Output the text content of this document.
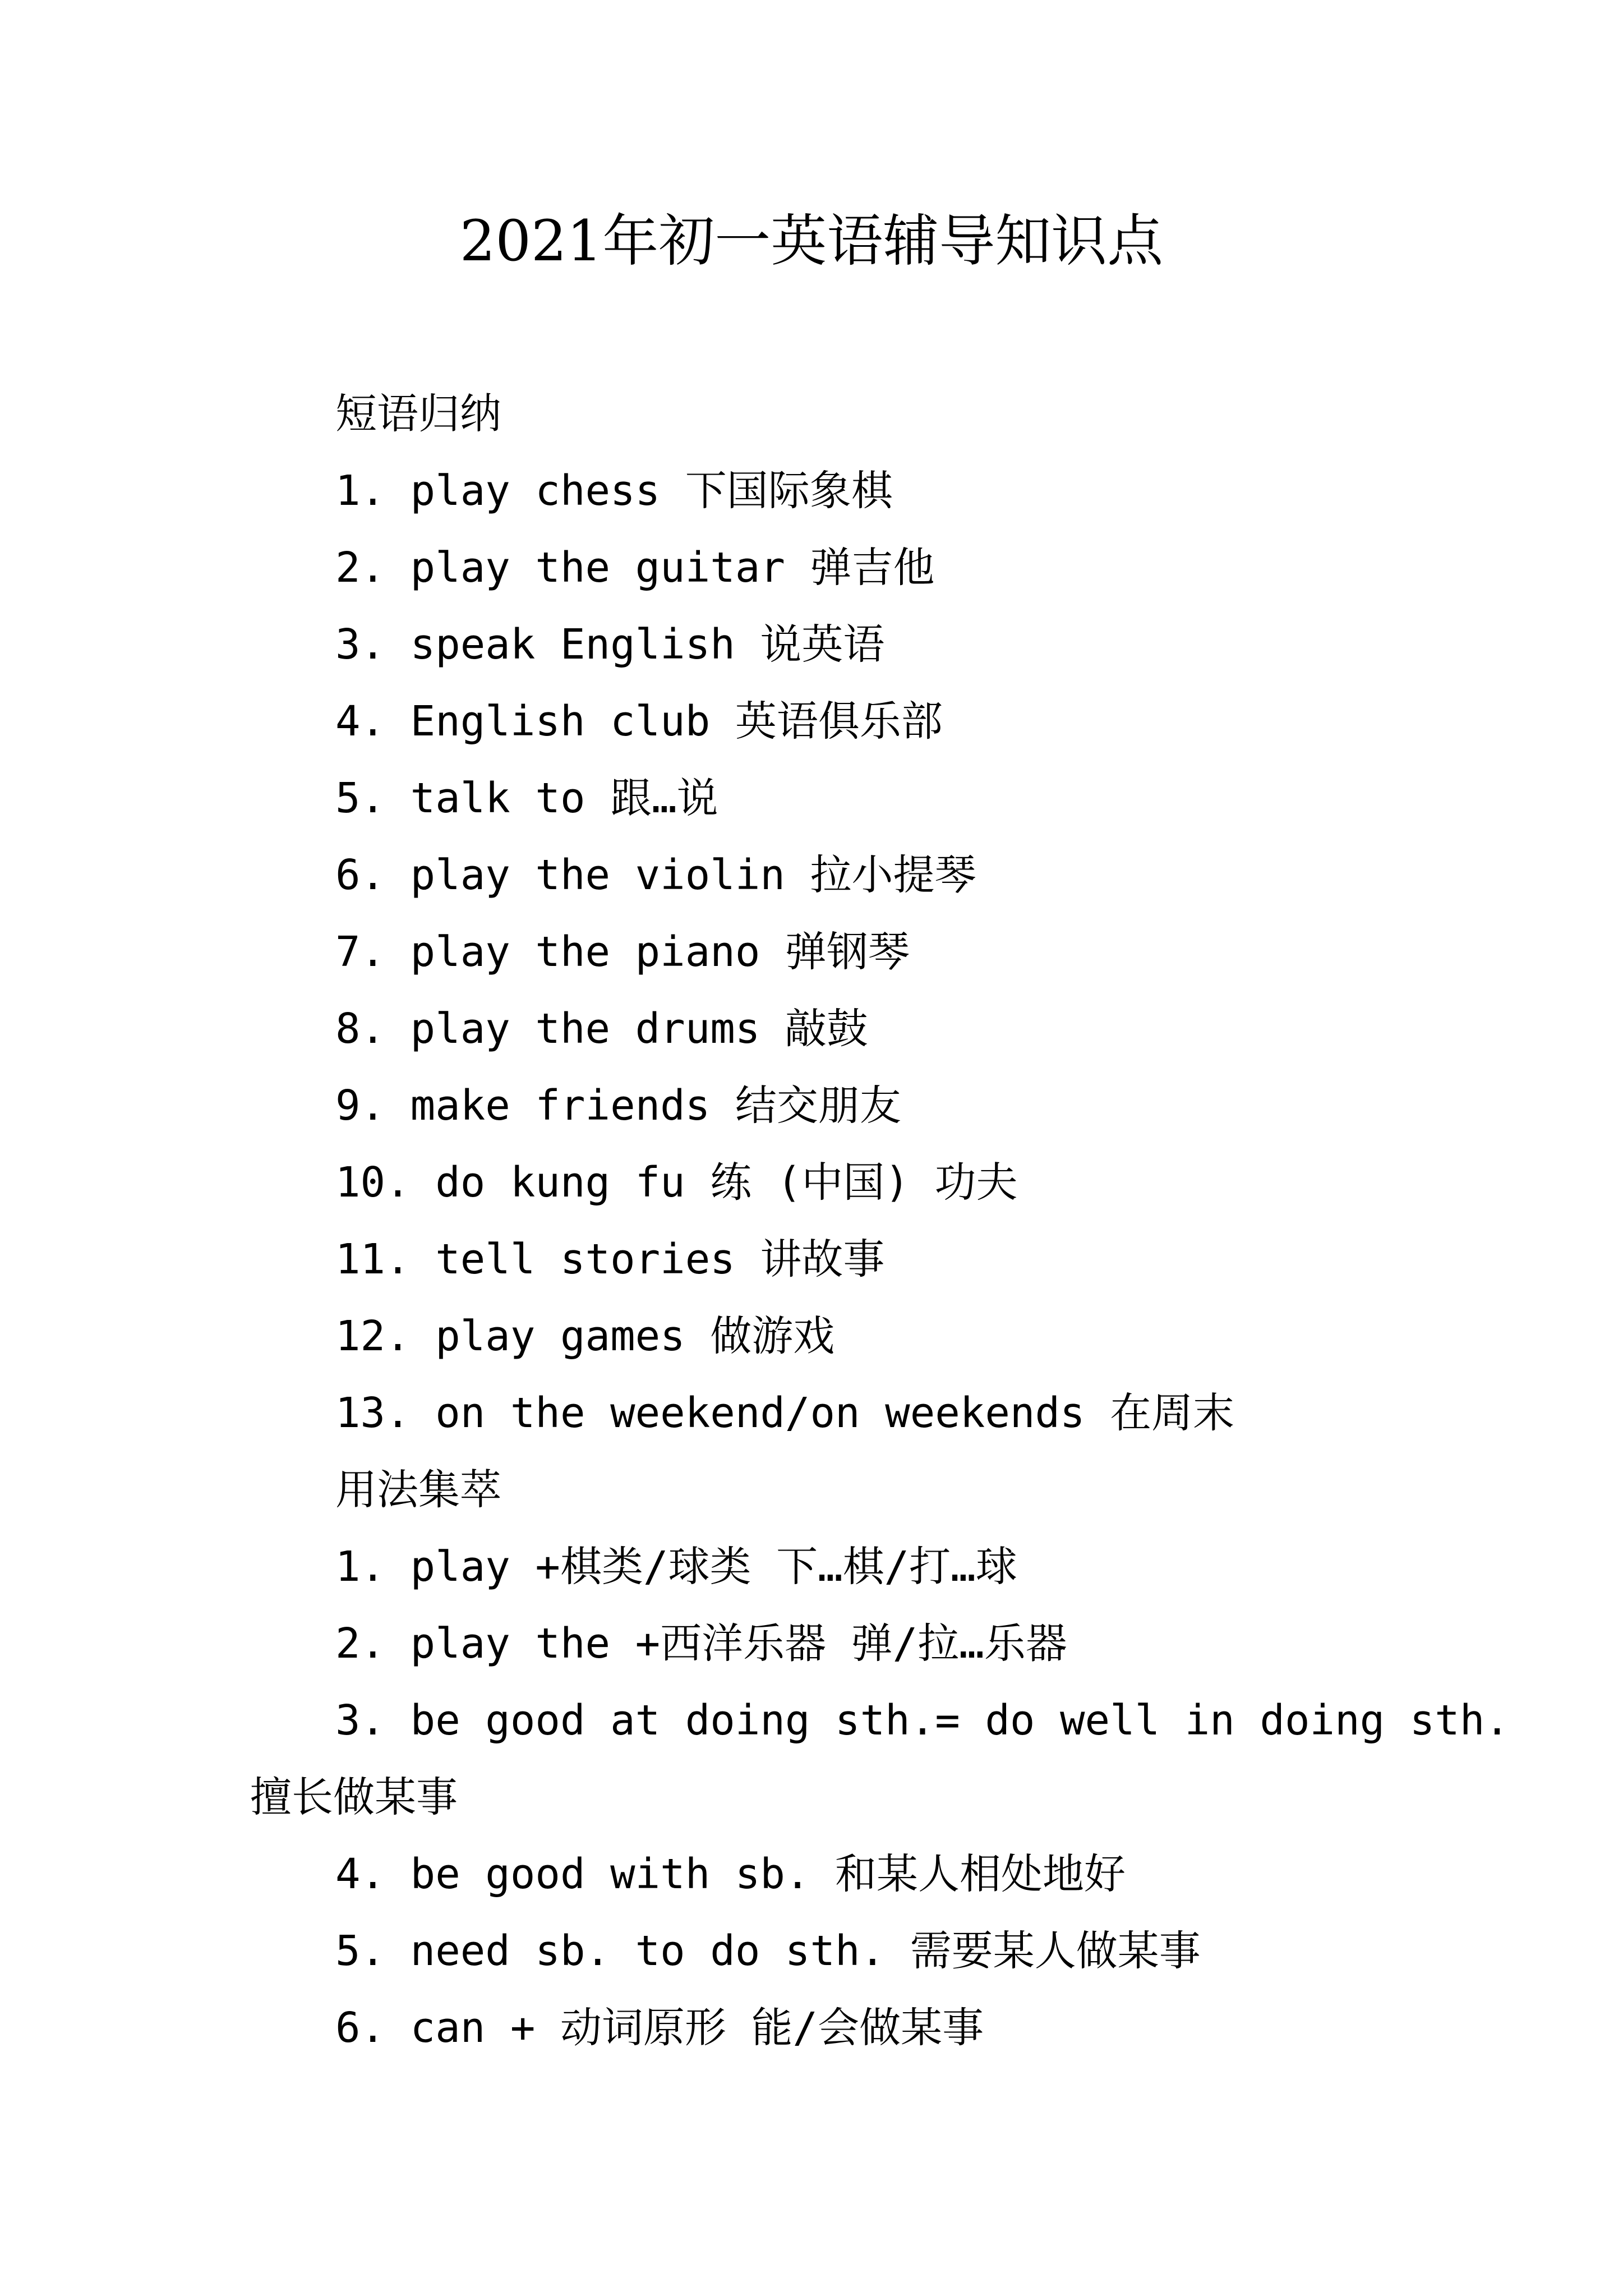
2021年初一英语辅导知识点
短语归纳
1. play chess 下国际象棋
2. play the guitar 弹吉他
3. speak English 说英语
4. English club 英语俱乐部
5. talk to 跟…说
6. play the violin 拉小提琴
7. play the piano 弹钢琴
8. play the drums 敲鼓
9. make friends 结交朋友
10. do kung fu 练 (中国) 功夫
11. tell stories 讲故事
12. play games 做游戏
13. on the weekend/on weekends 在周末
用法集萃
1. play +棋类/球类 下…棋/打…球
2. play the +西洋乐器 弹/拉…乐器
3. be good at doing sth.= do well in doing sth.
擅长做某事
4. be good with sb. 和某人相处地好
5. need sb. to do sth. 需要某人做某事
6. can + 动词原形 能/会做某事
